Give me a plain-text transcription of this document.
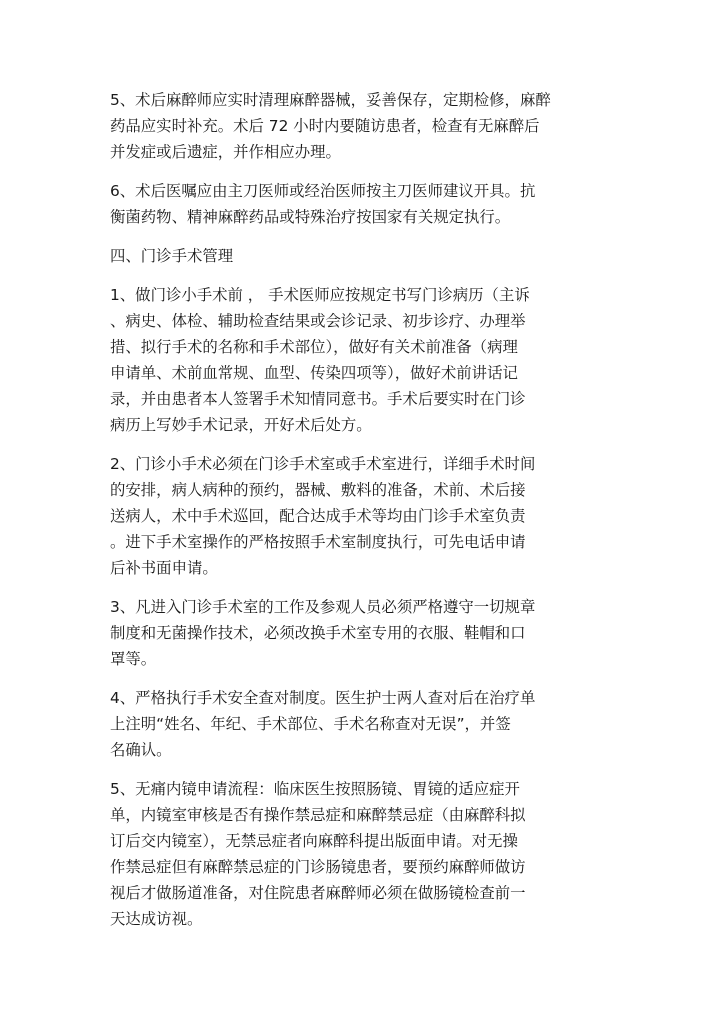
5、术后麻醉师应实时清理麻醉器械，妥善保存，定期检修，麻醉
药品应实时补充。术后 72 小时内要随访患者，检查有无麻醉后
并发症或后遗症，并作相应办理。
6、术后医嘱应由主刀医师或经治医师按主刀医师建议开具。抗
衡菌药物、精神麻醉药品或特殊治疗按国家有关规定执行。
四、门诊手术管理
1、做门诊小手术前 ， 手术医师应按规定书写门诊病历（主诉
、病史、体检、辅助检查结果或会诊记录、初步诊疗、办理举
措、拟行手术的名称和手术部位），做好有关术前准备（病理
申请单、术前血常规、血型、传染四项等），做好术前讲话记
录，并由患者本人签署手术知情同意书。手术后要实时在门诊
病历上写妙手术记录，开好术后处方。
2、门诊小手术必须在门诊手术室或手术室进行，详细手术时间
的安排，病人病种的预约，器械、敷料的准备，术前、术后接
送病人，术中手术巡回，配合达成手术等均由门诊手术室负责
。进下手术室操作的严格按照手术室制度执行，可先电话申请
后补书面申请。
3、凡进入门诊手术室的工作及参观人员必须严格遵守一切规章
制度和无菌操作技术，必须改换手术室专用的衣服、鞋帽和口
罩等。
4、严格执行手术安全查对制度。医生护士两人查对后在治疗单
上注明“姓名、年纪、手术部位、手术名称查对无误”，并签
名确认。
5、无痛内镜申请流程：临床医生按照肠镜、胃镜的适应症开
单，内镜室审核是否有操作禁忌症和麻醉禁忌症（由麻醉科拟
订后交内镜室），无禁忌症者向麻醉科提出版面申请。对无操
作禁忌症但有麻醉禁忌症的门诊肠镜患者，要预约麻醉师做访
视后才做肠道准备，对住院患者麻醉师必须在做肠镜检查前一
天达成访视。
